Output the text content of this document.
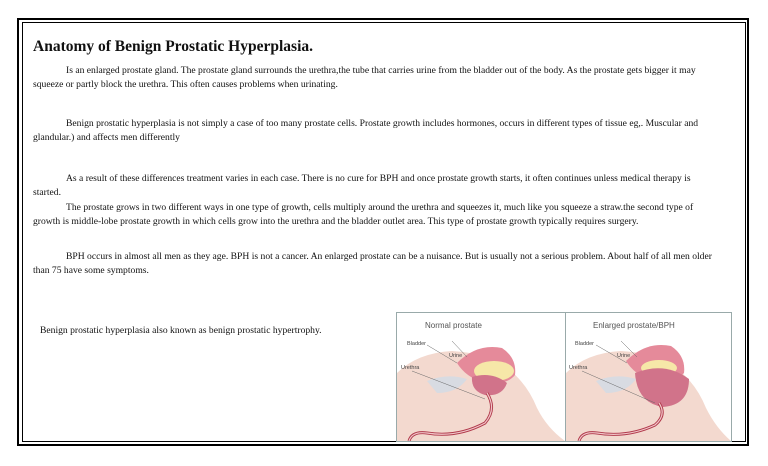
Anatomy of Benign Prostatic Hyperplasia.

Is an enlarged prostate gland. The prostate gland surrounds the urethra,the tube that carries urine from the bladder out of the body. As the prostate gets bigger it may squeeze or partly block the urethra. This often causes problems when urinating.

Benign prostatic hyperplasia is not simply a case of too many prostate cells. Prostate growth includes hormones, occurs in different types of tissue eg,. Muscular and glandular.) and affects men differently

As a result of these differences treatment varies in each case. There is no cure for BPH and once prostate growth starts, it often continues unless medical therapy is started.

The prostate grows in two different ways in one type of growth, cells multiply around the urethra and squeezes it, much like you squeeze a straw.the second type of growth is middle-lobe prostate growth in which cells grow into the urethra and the bladder outlet area. This type of prostate growth typically requires surgery.

BPH occurs in almost all men as they age. BPH is not a cancer. An enlarged prostate can be a nuisance. But is usually not a serious problem. About half of all men older than 75 have some symptoms.

Benign prostatic hyperplasia also known as benign prostatic hypertrophy.	Normal prostate
Bladder
Urine
Urethra
Enlarged prostate/BPH
Bladder
Urine
Urethra
